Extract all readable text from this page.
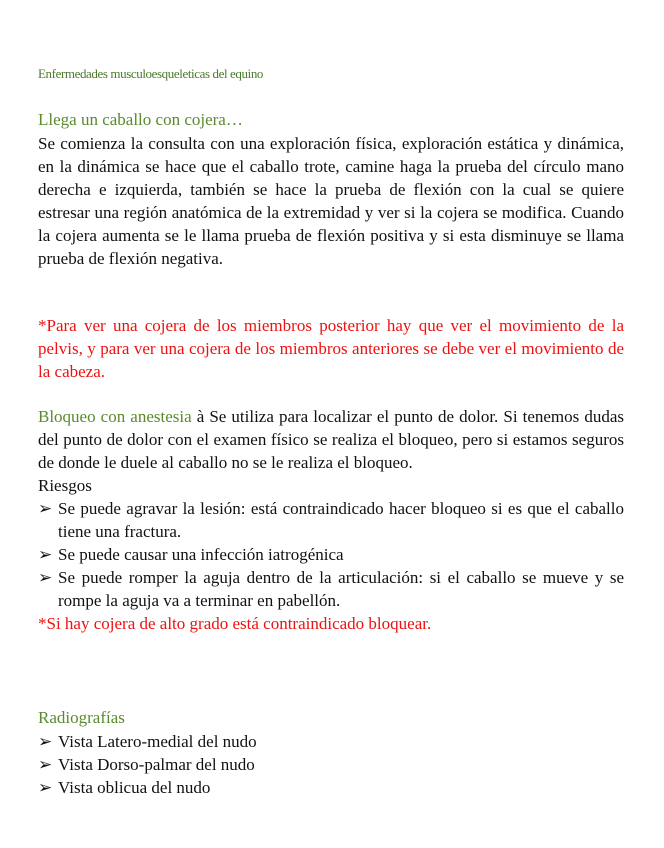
Enfermedades musculoesqueleticas del equino
Llega un caballo con cojera…
Se comienza la consulta con una exploración física, exploración estática y dinámica, en la dinámica se hace que el caballo trote, camine haga la prueba del círculo mano derecha e izquierda, también se hace la prueba de flexión con la cual se quiere estresar una región anatómica de la extremidad y ver si la cojera se modifica. Cuando la cojera aumenta se le llama prueba de flexión positiva y si esta disminuye se llama prueba de flexión negativa.
*Para ver una cojera de los miembros posterior hay que ver el movimiento de la pelvis, y para ver una cojera de los miembros anteriores se debe ver el movimiento de la cabeza.
Bloqueo con anestesia à Se utiliza para localizar el punto de dolor. Si tenemos dudas del punto de dolor con el examen físico se realiza el bloqueo, pero si estamos seguros de donde le duele al caballo no se le realiza el bloqueo.
Riesgos
➢ Se puede agravar la lesión: está contraindicado hacer bloqueo si es que el caballo tiene una fractura.
➢ Se puede causar una infección iatrogénica
➢ Se puede romper la aguja dentro de la articulación: si el caballo se mueve y se rompe la aguja va a terminar en pabellón.
*Si hay cojera de alto grado está contraindicado bloquear.
Radiografías
➢ Vista Latero-medial del nudo
➢ Vista Dorso-palmar del nudo
➢ Vista oblicua del nudo
